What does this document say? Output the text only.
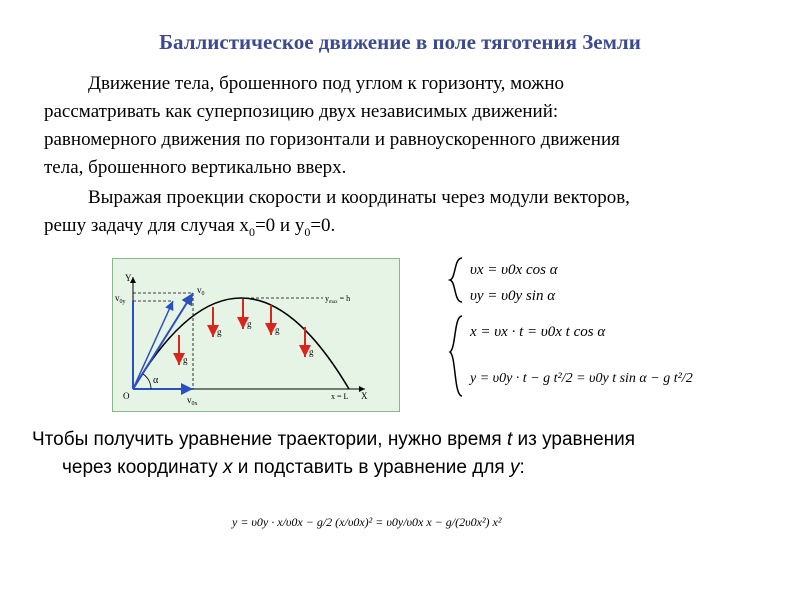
Баллистическое движение в поле тяготения Земли
Движение тела, брошенного под углом к горизонту, можно
рассматривать как суперпозицию двух независимых движений:
равномерного движения по горизонтали и равноускоренного движения
тела, брошенного вертикально вверх.
Выражая проекции скорости и координаты через модули векторов,
решу задачу для случая $x_0=0$ и $y_0=0$.
Y
X
O
α
$v_0$
$v_{0y}$
$v_{0x}$
g
g
g
g
g
$y_{max} = h$
x = L
υx = υ0x cos α
υy = υ0y sin α
x = υx · t = υ0x t cos α
y = υ0y · t − g t²/2 = υ0y t sin α − g t²/2
Чтобы получить уравнение траектории, нужно время t из уравнения
через координату x и подставить в уравнение для y:
y = υ0y · x/υ0x − g/2 (x/υ0x)² = υ0y/υ0x x − g/(2υ0x²) x²
